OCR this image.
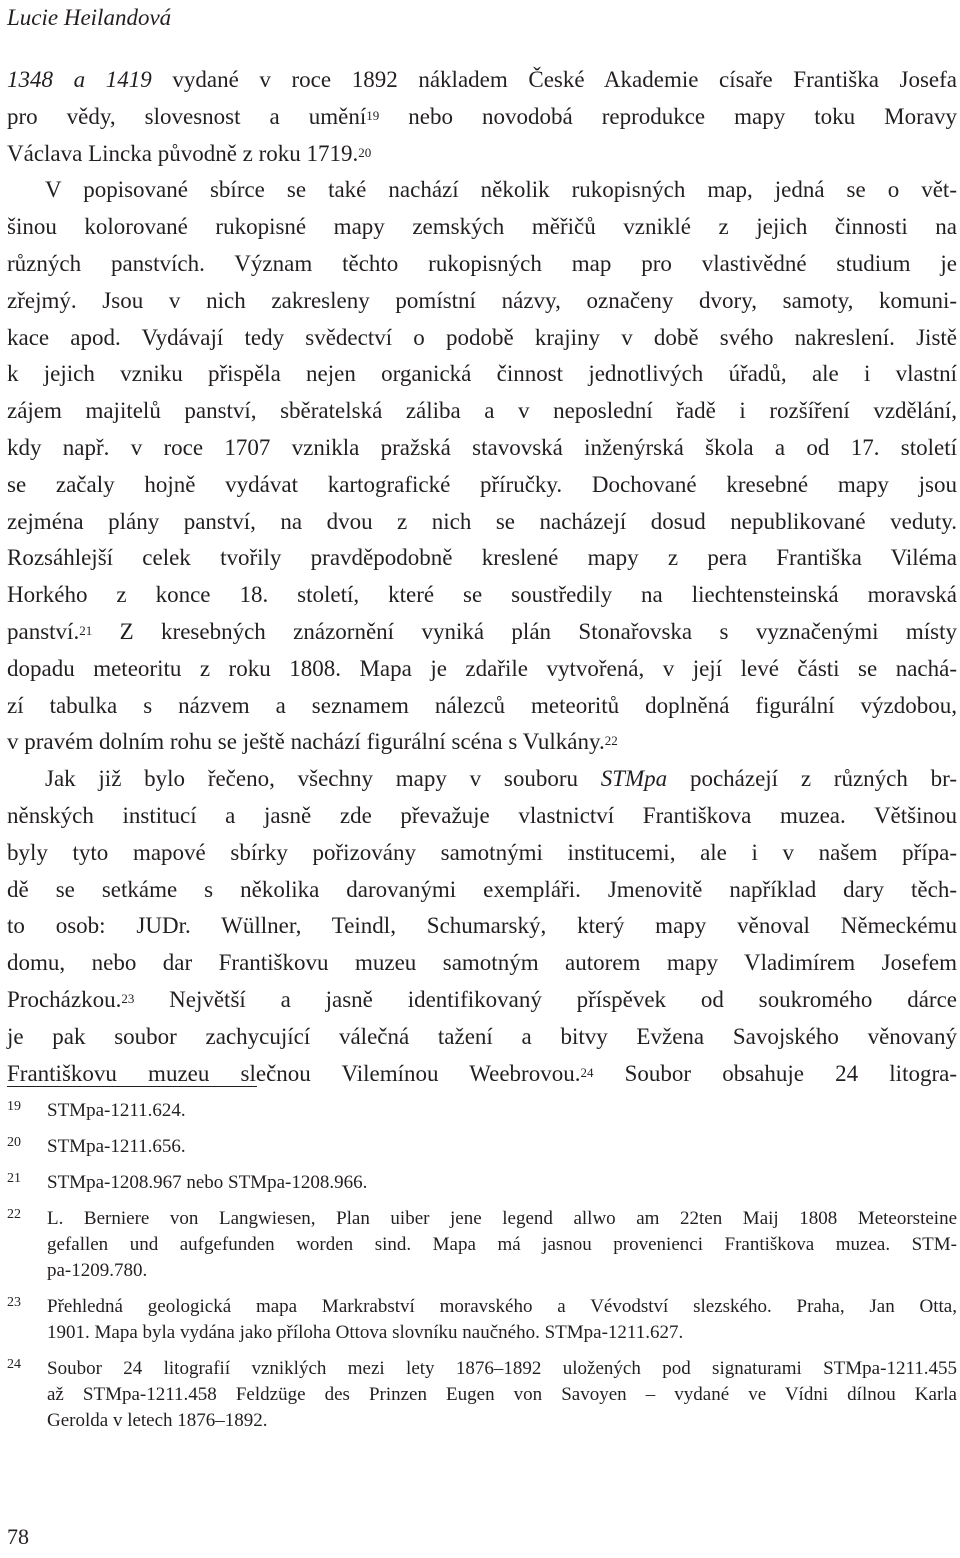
Lucie Heilandová
1348 a 1419 vydané v roce 1892 nákladem České Akademie císaře Františka Josefa
pro vědy, slovesnost a umění$^{19}$ nebo novodobá reprodukce mapy toku Moravy
Václava Lincka původně z roku 1719.20
V popisované sbírce se také nachází několik rukopisných map, jedná se o vět-
šinou kolorované rukopisné mapy zemských měřičů vzniklé z jejich činnosti na
různých panstvích. Význam těchto rukopisných map pro vlastivědné studium je
zřejmý. Jsou v nich zakresleny pomístní názvy, označeny dvory, samoty, komuni-
kace apod. Vydávají tedy svědectví o podobě krajiny v době svého nakreslení. Jistě
k jejich vzniku přispěla nejen organická činnost jednotlivých úřadů, ale i vlastní
zájem majitelů panství, sběratelská záliba a v neposlední řadě i rozšíření vzdělání,
kdy např. v roce 1707 vznikla pražská stavovská inženýrská škola a od 17. století
se začaly hojně vydávat kartografické příručky. Dochované kresebné mapy jsou
zejména plány panství, na dvou z nich se nacházejí dosud nepublikované veduty.
Rozsáhlejší celek tvořily pravděpodobně kreslené mapy z pera Františka Viléma
Horkého z konce 18. století, které se soustředily na liechtensteinská moravská
panství.$^{21}$ Z kresebných znázornění vyniká plán Stonařovska s vyznačenými místy
dopadu meteoritu z roku 1808. Mapa je zdařile vytvořená, v její levé části se nachá-
zí tabulka s názvem a seznamem nálezců meteoritů doplněná figurální výzdobou,
v pravém dolním rohu se ještě nachází figurální scéna s Vulkány.$^{22}$
Jak již bylo řečeno, všechny mapy v souboru STMpa pocházejí z různých br-
něnských institucí a jasně zde převažuje vlastnictví Františkova muzea. Většinou
byly tyto mapové sbírky pořizovány samotnými institucemi, ale i v našem přípa-
dě se setkáme s několika darovanými exempláři. Jmenovitě například dary těch-
to osob: JUDr. Wüllner, Teindl, Schumarský, který mapy věnoval Německému
domu, nebo dar Františkovu muzeu samotným autorem mapy Vladimírem Josefem
Procházkou.$^{23}$ Největší a jasně identifikovaný příspěvek od soukromého dárce
je pak soubor zachycující válečná tažení a bitvy Evžena Savojského věnovaný
Františkovu muzeu slečnou Vilemínou Weebrovou.$^{24}$ Soubor obsahuje 24 litogra-
19 STMpa-1211.624.
20 STMpa-1211.656.
21 STMpa-1208.967 nebo STMpa-1208.966.
22 L. Berniere von Langwiesen, Plan uiber jene legend allwo am 22ten Maij 1808 Meteorsteine
gefallen und aufgefunden worden sind. Mapa má jasnou provenienci Františkova muzea. STM-
pa-1209.780.
23 Přehledná geologická mapa Markrabství moravského a Vévodství slezského. Praha, Jan Otta,
1901. Mapa byla vydána jako příloha Ottova slovníku naučného. STMpa-1211.627.
24 Soubor 24 litografií vzniklých mezi lety 1876–1892 uložených pod signaturami STMpa-1211.455
až STMpa-1211.458 Feldzüge des Prinzen Eugen von Savoyen – vydané ve Vídni dílnou Karla
Gerolda v letech 1876–1892.
78
